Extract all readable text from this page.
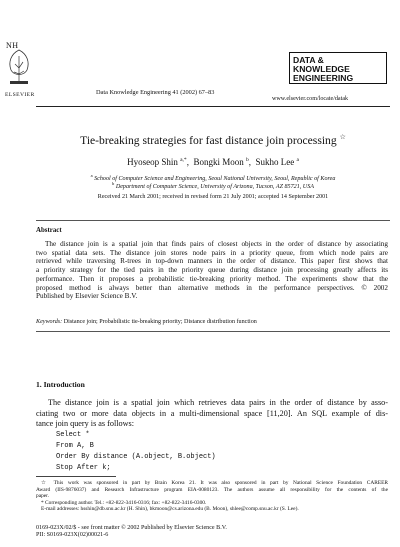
NH
ELSEVIER	Data Knowledge Engineering 41 (2002) 67–83
DATA &
KNOWLEDGE
ENGINEERING
www.elsevier.com/locate/datak
Tie-breaking strategies for fast distance join processing ☆
Hyoseop Shin $^{a,*}$,  Bongki Moon $^b$,  Sukho Lee $^a$
$^a$ School of Computer Science and Engineering, Seoul National University, Seoul, Republic of Korea
$^b$ Department of Computer Science, University of Arizona, Tucson, AZ 85721, USA
Received 21 March 2001; received in revised form 21 July 2001; accepted 14 September 2001
Abstract
The distance join is a spatial join that finds pairs of closest objects in the order of distance by associating
two spatial data sets. The distance join stores node pairs in a priority queue, from which node pairs are
retrieved while traversing R-trees in top-down manners in the order of distance. This paper first shows that
a priority strategy for the tied pairs in the priority queue during distance join processing greatly affects its
performance. Then it proposes a probabilistic tie-breaking priority method. The experiments show that the
proposed method is always better than alternative methods in the performance perspectives. © 2002
Published by Elsevier Science B.V.
Keywords: Distance join; Probabilistic tie-breaking priority; Distance distribution function
1. Introduction
The distance join is a spatial join which retrieves data pairs in the order of distance by asso-
ciating two or more data objects in a multi-dimensional space [11,20]. An SQL example of dis-
tance join query is as follows:
Select *
From A, B
Order By distance (A.object, B.object)
Stop After k;
☆ This work was sponsored in part by Brain Korea 21. It was also sponsored in part by National Science Foundation CAREER
Award (IIS-9876037) and Research Infrastructure program EIA-0080123. The authors assume all responsibility for the contents of the
paper.
* Corresponding author. Tel.: +82-822-3416-0316; fax: +82-822-3416-0300.
E-mail addresses: hsshin@db.snu.ac.kr (H. Shin), bkmoon@cs.arizona.edu (B. Moon), shlee@comp.snu.ac.kr (S. Lee).
0169-023X/02/$ - see front matter © 2002 Published by Elsevier Science B.V.
PII: S0169-023X(02)00021-6
